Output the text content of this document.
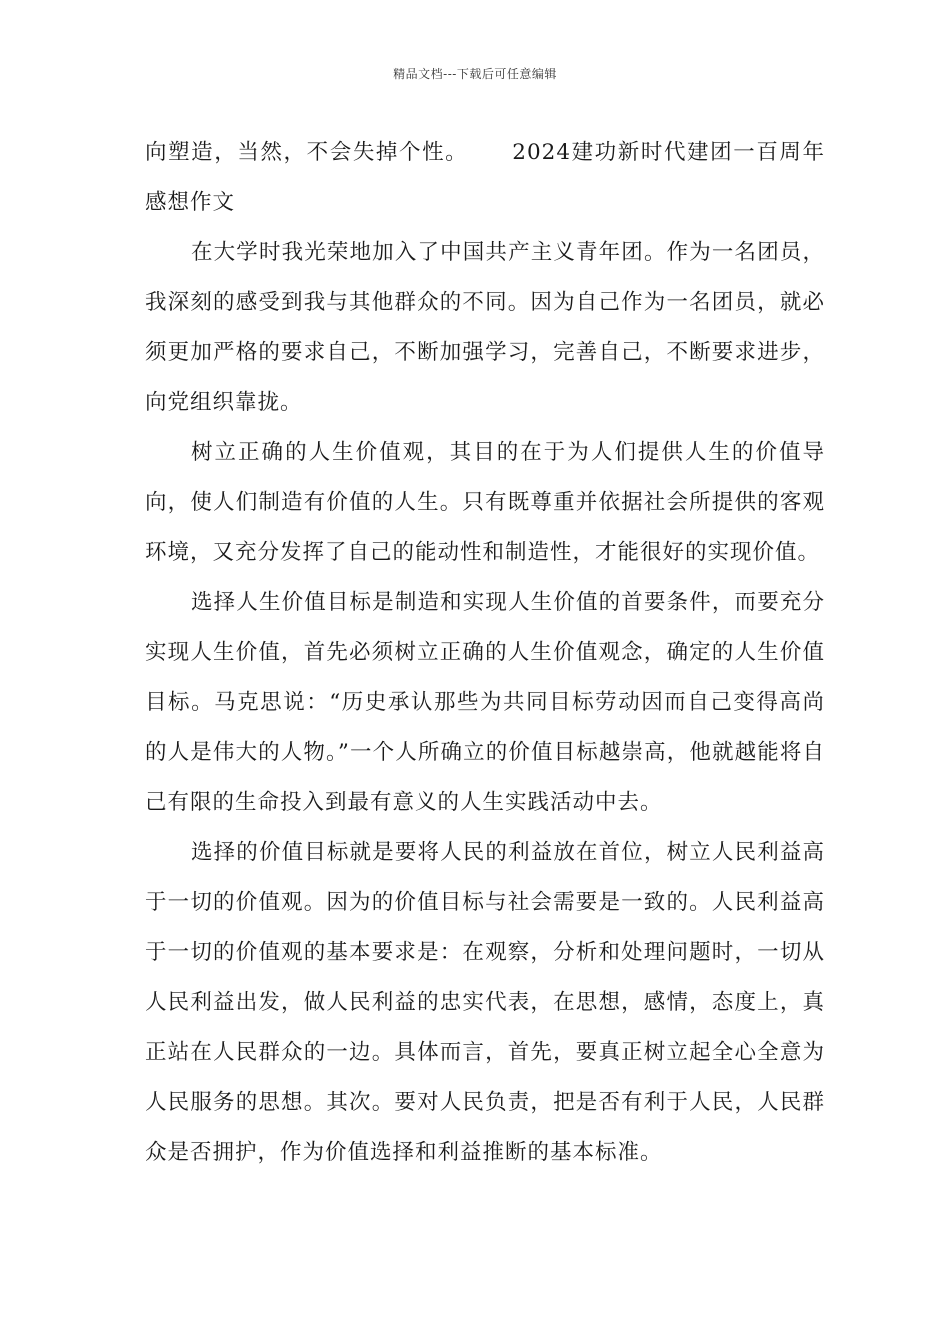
精品文档---下载后可任意编辑

向塑造，当然，不会失掉个性。 2024建功新时代建团一百周年感想作文

在大学时我光荣地加入了中国共产主义青年团。作为一名团员，我深刻的感受到我与其他群众的不同。因为自己作为一名团员，就必须更加严格的要求自己，不断加强学习，完善自己，不断要求进步，向党组织靠拢。

树立正确的人生价值观，其目的在于为人们提供人生的价值导向，使人们制造有价值的人生。只有既尊重并依据社会所提供的客观环境，又充分发挥了自己的能动性和制造性，才能很好的实现价值。

选择人生价值目标是制造和实现人生价值的首要条件，而要充分实现人生价值，首先必须树立正确的人生价值观念，确定的人生价值目标。马克思说：“历史承认那些为共同目标劳动因而自己变得高尚的人是伟大的人物。”一个人所确立的价值目标越崇高，他就越能将自己有限的生命投入到最有意义的人生实践活动中去。

选择的价值目标就是要将人民的利益放在首位，树立人民利益高于一切的价值观。因为的价值目标与社会需要是一致的。人民利益高于一切的价值观的基本要求是：在观察，分析和处理问题时，一切从人民利益出发，做人民利益的忠实代表，在思想，感情，态度上，真正站在人民群众的一边。具体而言，首先，要真正树立起全心全意为人民服务的思想。其次。要对人民负责，把是否有利于人民，人民群众是否拥护，作为价值选择和利益推断的基本标准。
